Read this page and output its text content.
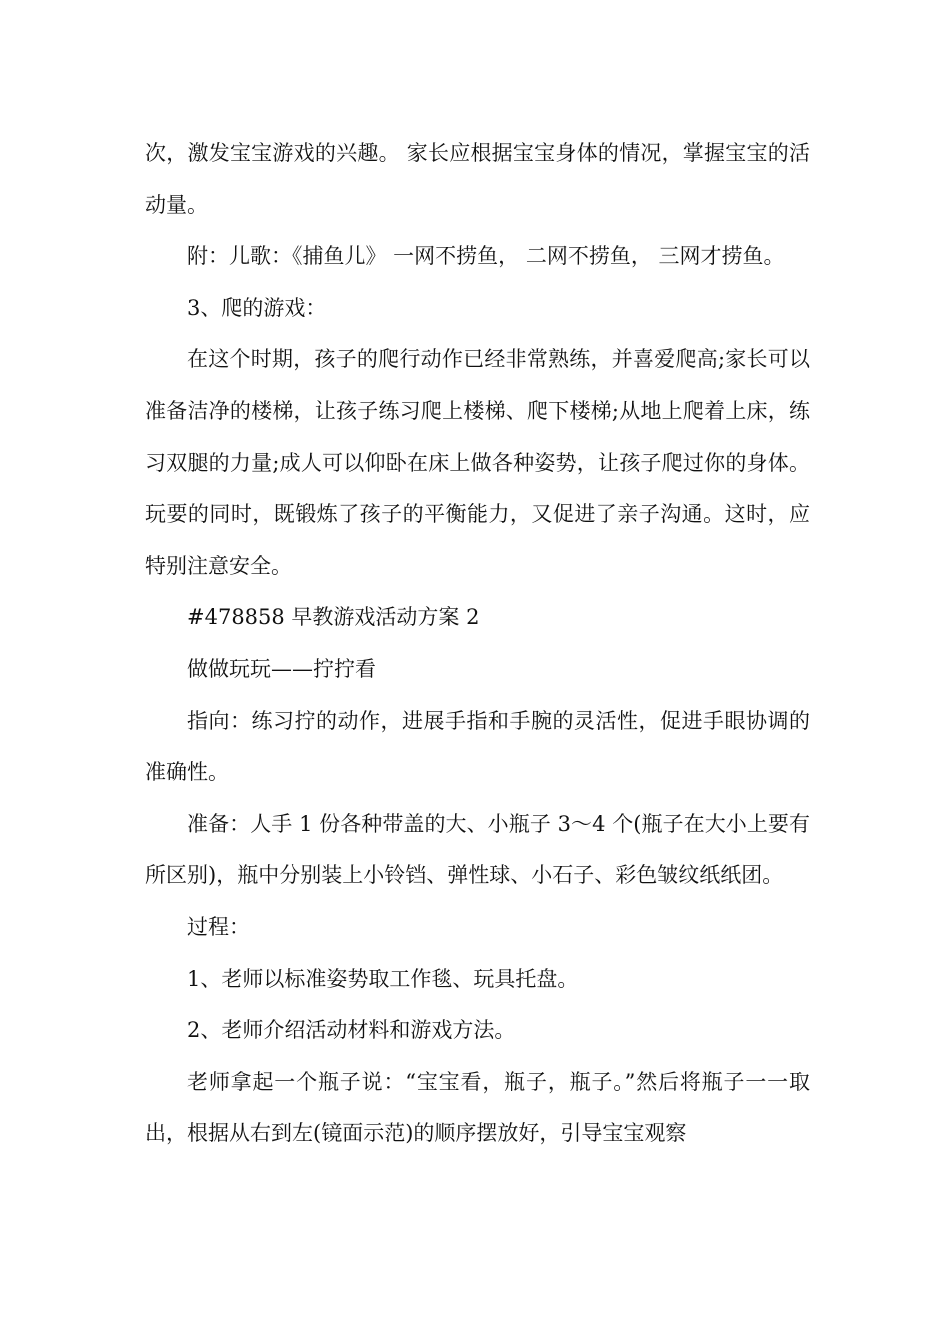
次，激发宝宝游戏的兴趣。 家长应根据宝宝身体的情况，掌握宝宝的活动量。

附：儿歌：《捕鱼儿》 一网不捞鱼， 二网不捞鱼， 三网才捞鱼。

3、爬的游戏：

在这个时期，孩子的爬行动作已经非常熟练，并喜爱爬高;家长可以准备洁净的楼梯，让孩子练习爬上楼梯、爬下楼梯;从地上爬着上床，练习双腿的力量;成人可以仰卧在床上做各种姿势，让孩子爬过你的身体。玩要的同时，既锻炼了孩子的平衡能力，又促进了亲子沟通。这时，应特别注意安全。

#478858 早教游戏活动方案 2

做做玩玩——拧拧看

指向：练习拧的动作，进展手指和手腕的灵活性，促进手眼协调的准确性。

准备：人手 1 份各种带盖的大、小瓶子 3～4 个(瓶子在大小上要有所区别)，瓶中分别装上小铃铛、弹性球、小石子、彩色皱纹纸纸团。

过程：

1、老师以标准姿势取工作毯、玩具托盘。

2、老师介绍活动材料和游戏方法。

老师拿起一个瓶子说：“宝宝看，瓶子，瓶子。”然后将瓶子一一取出，根据从右到左(镜面示范)的顺序摆放好，引导宝宝观察
